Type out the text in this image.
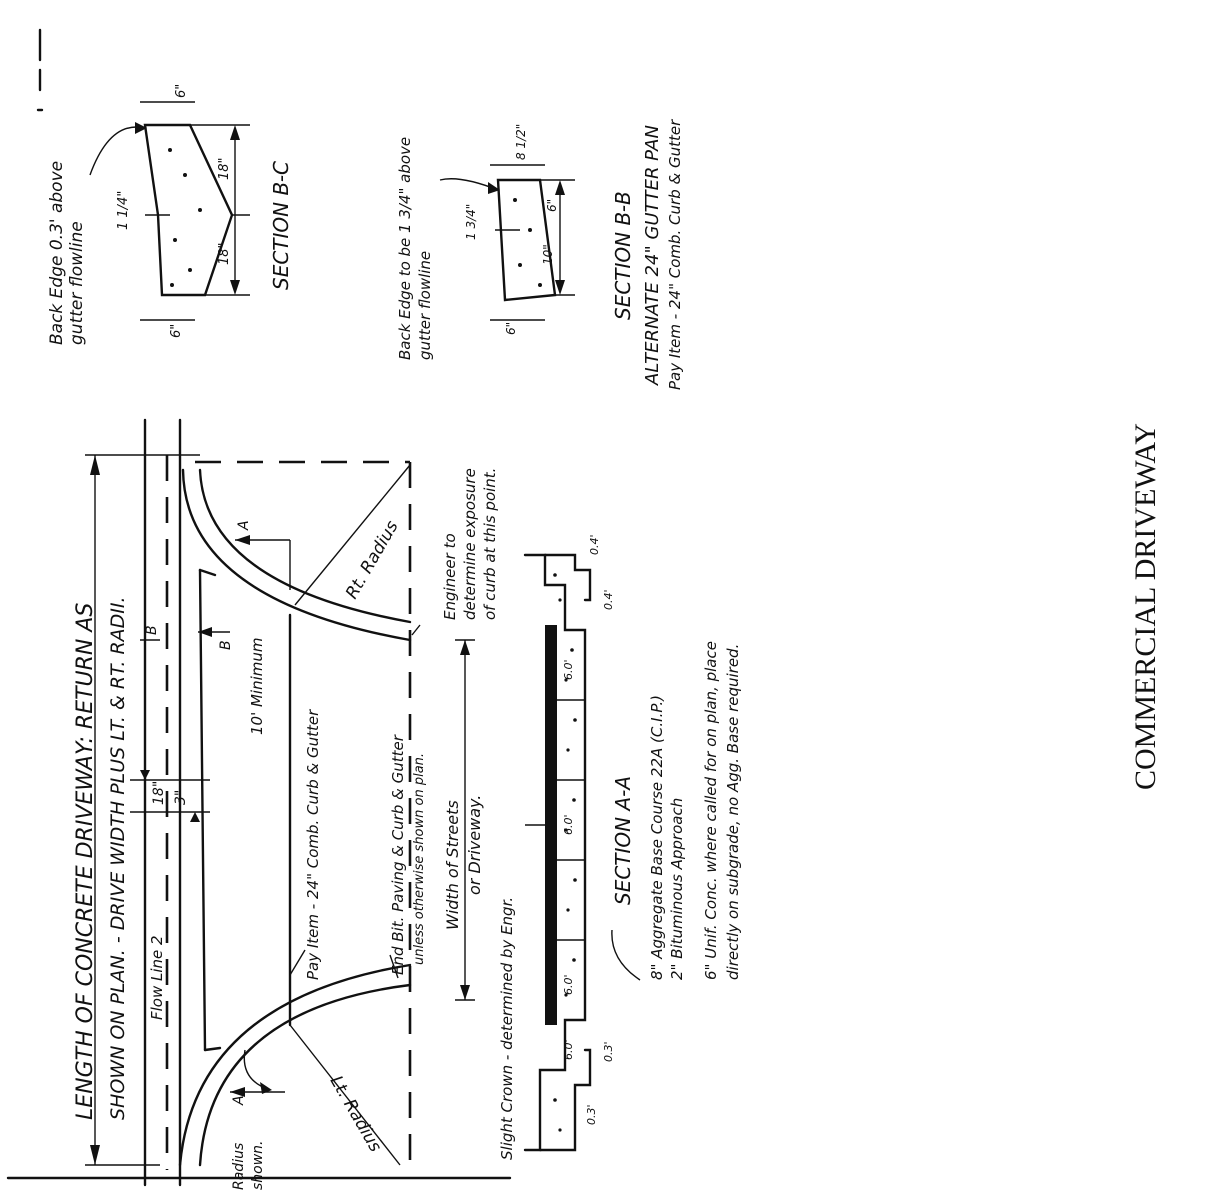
LENGTH OF CONCRETE DRIVEWAY: RETURN AS SHOWN ON PLAN. - DRIVE WIDTH PLUS LT. & RT. RADII. Flow Line 2
18" 3"
10' Minimum
Pay Item - 24" Comb. Curb & Gutter	End Bit. Paving & Curb & Gutter unless otherwise shown on plan. Width of Streets or Driveway.
Rt. Radius
Lt. Radius
Engineer to determine exposure of curb at this point.
Radius shown.
A
A
B
B
SECTION A-A
Slight Crown - determined by Engr.
8" Aggregate Base Course 22A (C.I.P.) 2" Bituminous Approach 6" Unif. Conc. where called for on plan, place directly on subgrade, no Agg. Base required.
0.3'
0.3'
0.4'
0.4'
6.0'
6.0'
6.0'
6.0'
SECTION B-C
Back Edge 0.3' above gutter flowline
6"
6"
18"
18"
1 1/4"	SECTION B-B ALTERNATE 24" GUTTER PAN Pay Item - 24" Comb. Curb & Gutter
Back Edge to be 1 3/4" above gutter flowline
8 1/2"
1 3/4"
10"
6"
6"
COMMERCIAL DRIVEWAY
